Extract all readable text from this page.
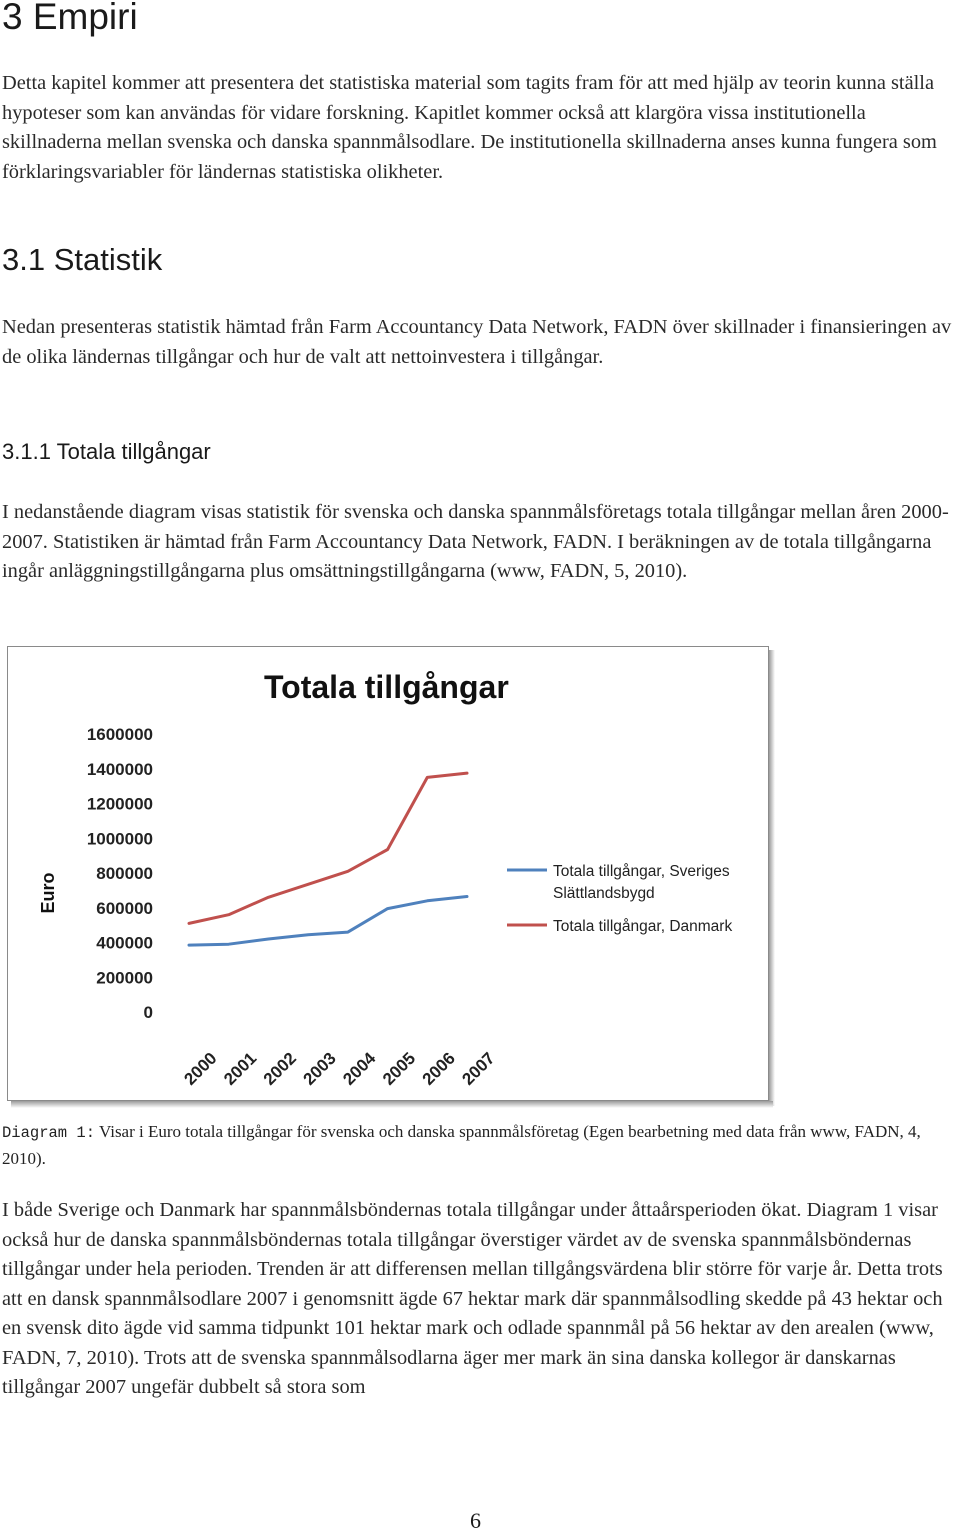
3 Empiri

Detta kapitel kommer att presentera det statistiska material som tagits fram för att med hjälp av teorin kunna ställa hypoteser som kan användas för vidare forskning. Kapitlet kommer också att klargöra vissa institutionella skillnaderna mellan svenska och danska spannmålsodlare. De institutionella skillnaderna anses kunna fungera som förklaringsvariabler för ländernas statistiska olikheter.

3.1 Statistik

Nedan presenteras statistik hämtad från Farm Accountancy Data Network, FADN över skillnader i finansieringen av de olika ländernas tillgångar och hur de valt att nettoinvestera i tillgångar.

3.1.1 Totala tillgångar

I nedanstående diagram visas statistik för svenska och danska spannmålsföretags totala tillgångar mellan åren 2000-2007. Statistiken är hämtad från Farm Accountancy Data Network, FADN. I beräkningen av de totala tillgångarna ingår anläggningstillgångarna plus omsättningstillgångarna (www, FADN, 5, 2010).

Totala tillgångar
Euro
0
200000
400000
600000
800000
1000000
1200000
1400000
1600000
2000 2001 2002 2003 2004 2005 2006 2007
Totala tillgångar, Sveriges
Slättlandsbygd
Totala tillgångar, Danmark

Diagram 1: Visar i Euro totala tillgångar för svenska och danska spannmålsföretag (Egen bearbetning med data från www, FADN, 4, 2010).

I både Sverige och Danmark har spannmålsböndernas totala tillgångar under åttaårsperioden ökat. Diagram 1 visar också hur de danska spannmålsböndernas totala tillgångar överstiger värdet av de svenska spannmålsböndernas tillgångar under hela perioden. Trenden är att differensen mellan tillgångsvärdena blir större för varje år. Detta trots att en dansk spannmålsodlare 2007 i genomsnitt ägde 67 hektar mark där spannmålsodling skedde på 43 hektar och en svensk dito ägde vid samma tidpunkt 101 hektar mark och odlade spannmål på 56 hektar av den arealen (www, FADN, 7, 2010). Trots att de svenska spannmålsodlarna äger mer mark än sina danska kollegor är danskarnas tillgångar 2007 ungefär dubbelt så stora som

6
